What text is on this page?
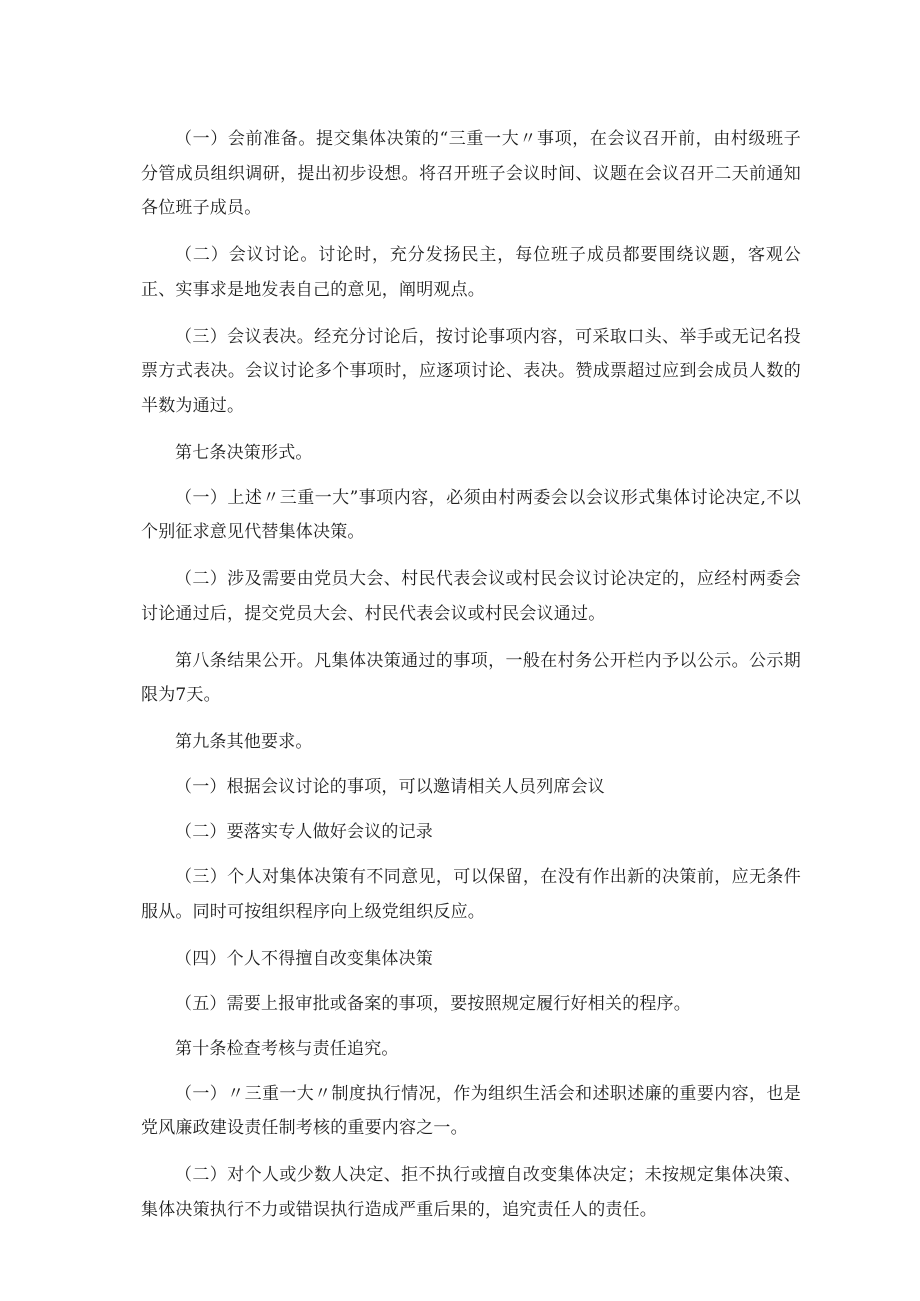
（一）会前准备。提交集体决策的“三重一大〃事项，在会议召开前，由村级班子分管成员组织调研，提出初步设想。将召开班子会议时间、议题在会议召开二天前通知各位班子成员。

（二）会议讨论。讨论时，充分发扬民主，每位班子成员都要围绕议题，客观公正、实事求是地发表自己的意见，阐明观点。

（三）会议表决。经充分讨论后，按讨论事项内容，可采取口头、举手或无记名投票方式表决。会议讨论多个事项时，应逐项讨论、表决。赞成票超过应到会成员人数的半数为通过。

第七条决策形式。

（一）上述〃三重一大”事项内容，必须由村两委会以会议形式集体讨论决定,不以个别征求意见代替集体决策。

（二）涉及需要由党员大会、村民代表会议或村民会议讨论决定的，应经村两委会讨论通过后，提交党员大会、村民代表会议或村民会议通过。

第八条结果公开。凡集体决策通过的事项，一般在村务公开栏内予以公示。公示期限为7天。

第九条其他要求。

（一）根据会议讨论的事项，可以邀请相关人员列席会议

（二）要落实专人做好会议的记录

（三）个人对集体决策有不同意见，可以保留，在没有作出新的决策前，应无条件服从。同时可按组织程序向上级党组织反应。

（四）个人不得擅自改变集体决策

（五）需要上报审批或备案的事项，要按照规定履行好相关的程序。

第十条检查考核与责任追究。

（一）〃三重一大〃制度执行情况，作为组织生活会和述职述廉的重要内容，也是党风廉政建设责任制考核的重要内容之一。

（二）对个人或少数人决定、拒不执行或擅自改变集体决定；未按规定集体决策、集体决策执行不力或错误执行造成严重后果的，追究责任人的责任。
